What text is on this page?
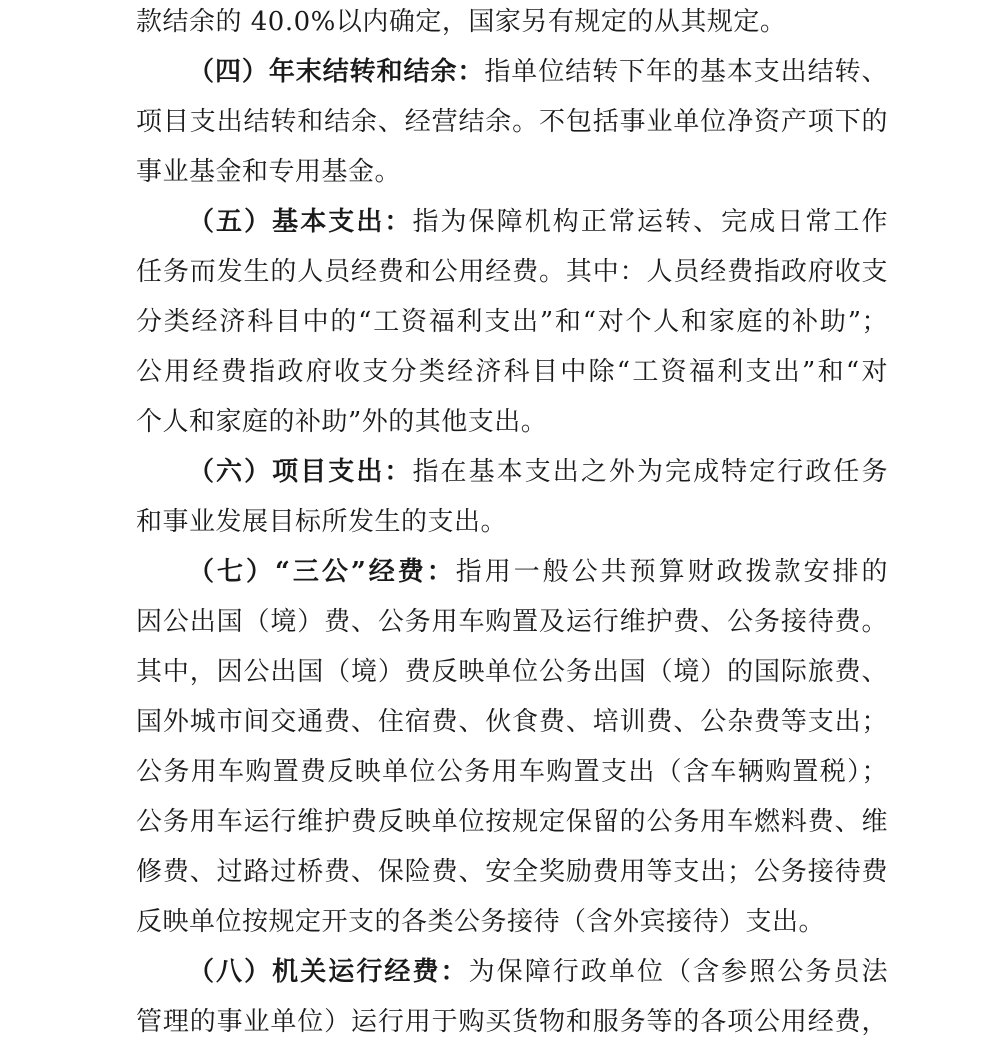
款结余的 40.0%以内确定，国家另有规定的从其规定。
（四）年末结转和结余：指单位结转下年的基本支出结转、
项目支出结转和结余、经营结余。不包括事业单位净资产项下的
事业基金和专用基金。
（五）基本支出：指为保障机构正常运转、完成日常工作
任务而发生的人员经费和公用经费。其中：人员经费指政府收支
分类经济科目中的“工资福利支出”和“对个人和家庭的补助”；
公用经费指政府收支分类经济科目中除“工资福利支出”和“对
个人和家庭的补助”外的其他支出。
（六）项目支出：指在基本支出之外为完成特定行政任务
和事业发展目标所发生的支出。
（七）“三公”经费：指用一般公共预算财政拨款安排的
因公出国（境）费、公务用车购置及运行维护费、公务接待费。
其中，因公出国（境）费反映单位公务出国（境）的国际旅费、
国外城市间交通费、住宿费、伙食费、培训费、公杂费等支出；
公务用车购置费反映单位公务用车购置支出（含车辆购置税）；
公务用车运行维护费反映单位按规定保留的公务用车燃料费、维
修费、过路过桥费、保险费、安全奖励费用等支出；公务接待费
反映单位按规定开支的各类公务接待（含外宾接待）支出。
（八）机关运行经费：为保障行政单位（含参照公务员法
管理的事业单位）运行用于购买货物和服务等的各项公用经费，
